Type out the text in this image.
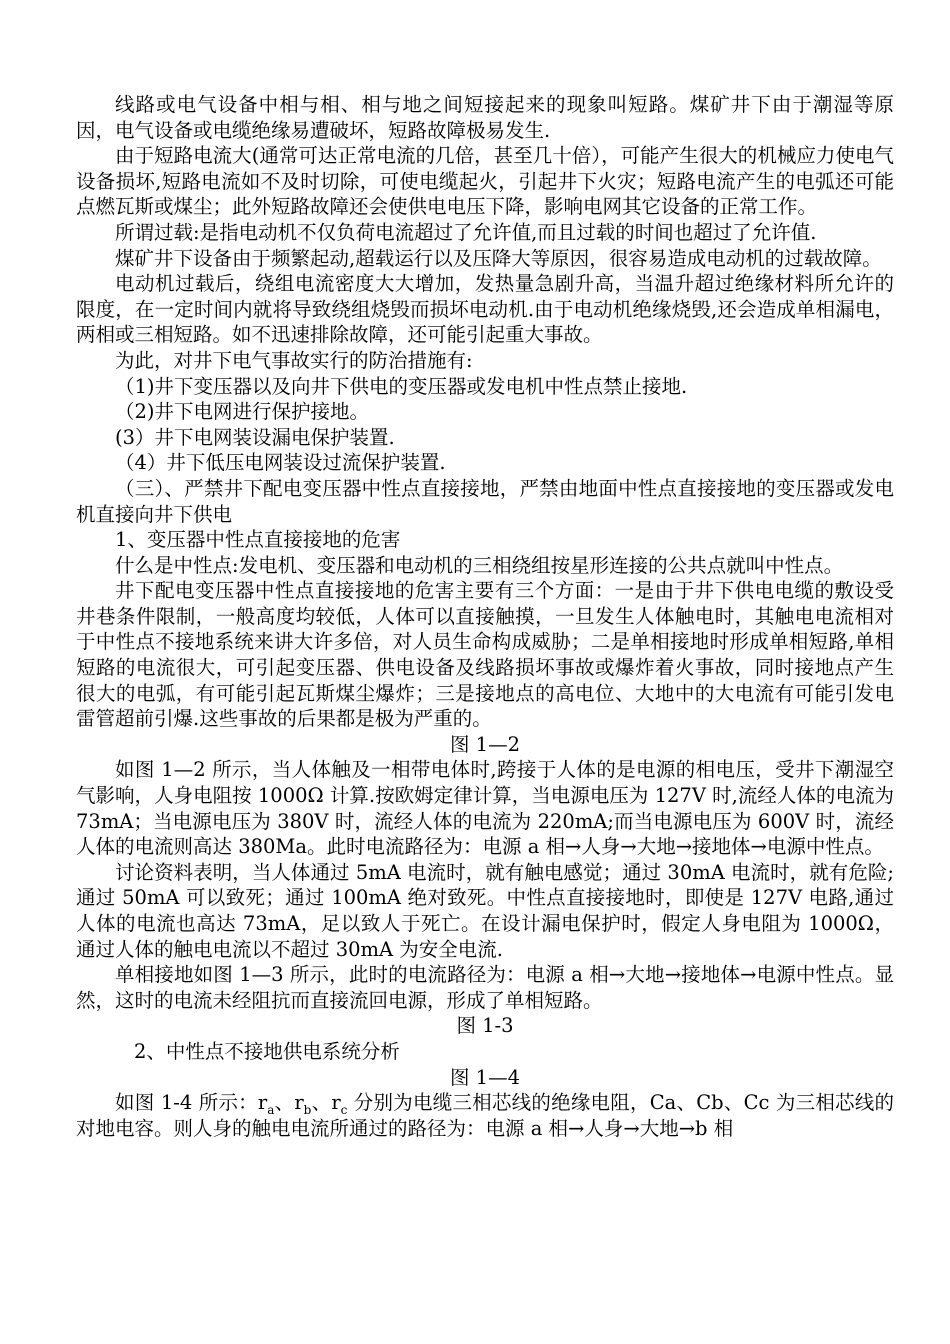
线路或电气设备中相与相、相与地之间短接起来的现象叫短路。煤矿井下由于潮湿等原因，电气设备或电缆绝缘易遭破坏，短路故障极易发生.

由于短路电流大(通常可达正常电流的几倍，甚至几十倍），可能产生很大的机械应力使电气设备损坏,短路电流如不及时切除，可使电缆起火，引起井下火灾；短路电流产生的电弧还可能点燃瓦斯或煤尘；此外短路故障还会使供电电压下降，影响电网其它设备的正常工作。

所谓过载:是指电动机不仅负荷电流超过了允许值,而且过载的时间也超过了允许值.

煤矿井下设备由于频繁起动,超载运行以及压降大等原因，很容易造成电动机的过载故障。

电动机过载后，绕组电流密度大大增加，发热量急剧升高，当温升超过绝缘材料所允许的限度，在一定时间内就将导致绕组烧毁而损坏电动机.由于电动机绝缘烧毁,还会造成单相漏电，两相或三相短路。如不迅速排除故障，还可能引起重大事故。

为此，对井下电气事故实行的防治措施有:

（1)井下变压器以及向井下供电的变压器或发电机中性点禁止接地.

（2)井下电网进行保护接地。

(3）井下电网装设漏电保护装置.

（4）井下低压电网装设过流保护装置.

（三）、严禁井下配电变压器中性点直接接地，严禁由地面中性点直接接地的变压器或发电机直接向井下供电

1、变压器中性点直接接地的危害

什么是中性点:发电机、变压器和电动机的三相绕组按星形连接的公共点就叫中性点。

井下配电变压器中性点直接接地的危害主要有三个方面：一是由于井下供电电缆的敷设受井巷条件限制，一般高度均较低，人体可以直接触摸，一旦发生人体触电时，其触电电流相对于中性点不接地系统来讲大许多倍，对人员生命构成威胁；二是单相接地时形成单相短路,单相短路的电流很大，可引起变压器、供电设备及线路损坏事故或爆炸着火事故，同时接地点产生很大的电弧，有可能引起瓦斯煤尘爆炸；三是接地点的高电位、大地中的大电流有可能引发电雷管超前引爆.这些事故的后果都是极为严重的。

图 1—2

如图 1—2 所示，当人体触及一相带电体时,跨接于人体的是电源的相电压，受井下潮湿空气影响，人身电阻按 1000Ω 计算.按欧姆定律计算，当电源电压为 127V 时,流经人体的电流为 73mA；当电源电压为 380V 时，流经人体的电流为 220mA;而当电源电压为 600V 时，流经人体的电流则高达 380Ma。此时电流路径为：电源 a 相→人身→大地→接地体→电源中性点。

讨论资料表明，当人体通过 5mA 电流时，就有触电感觉；通过 30mA 电流时，就有危险;通过 50mA 可以致死；通过 100mA 绝对致死。中性点直接接地时，即使是 127V 电路,通过人体的电流也高达 73mA，足以致人于死亡。在设计漏电保护时，假定人身电阻为 1000Ω，通过人体的触电电流以不超过 30mA 为安全电流.

单相接地如图 1—3 所示，此时的电流路径为：电源 a 相→大地→接地体→电源中性点。显然，这时的电流未经阻抗而直接流回电源，形成了单相短路。

图 1-3

2、中性点不接地供电系统分析

图 1—4

如图 1-4 所示：$r_a$、$r_b$、$r_c$ 分别为电缆三相芯线的绝缘电阻，Ca、Cb、Cc 为三相芯线的对地电容。则人身的触电电流所通过的路径为：电源 a 相→人身→大地→b 相
